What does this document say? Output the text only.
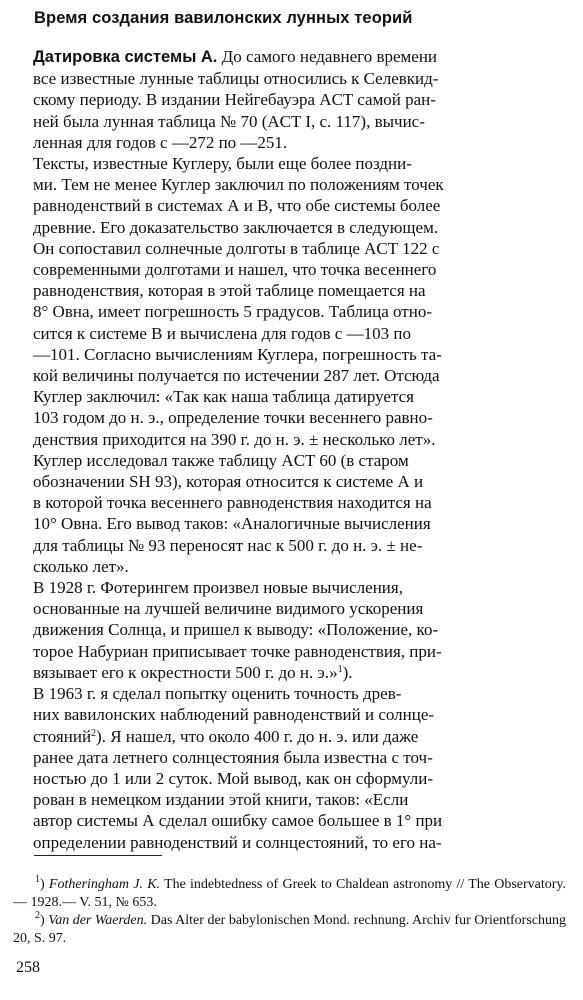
Время создания вавилонских лунных теорий

Датировка системы А. До самого недавнего времени
все известные лунные таблицы относились к Селевкид-
скому периоду. В издании Нейгебауэра ACT самой ран-
ней была лунная таблица № 70 (ACT I, с. 117), вычис-
ленная для годов с —272 по —251.

Тексты, известные Куглеру, были еще более поздни-
ми. Тем не менее Куглер заключил по положениям точек
равноденствий в системах А и В, что обе системы более
древние. Его доказательство заключается в следующем.
Он сопоставил солнечные долготы в таблице ACT 122 с
современными долготами и нашел, что точка весеннего
равноденствия, которая в этой таблице помещается на
8° Овна, имеет погрешность 5 градусов. Таблица отно-
сится к системе В и вычислена для годов с —103 по
—101. Согласно вычислениям Куглера, погрешность та-
кой величины получается по истечении 287 лет. Отсюда
Куглер заключил: «Так как наша таблица датируется
103 годом до н. э., определение точки весеннего равно-
денствия приходится на 390 г. до н. э. ± несколько лет».

Куглер исследовал также таблицу ACT 60 (в старом
обозначении SH 93), которая относится к системе А и
в которой точка весеннего равноденствия находится на
10° Овна. Его вывод таков: «Аналогичные вычисления
для таблицы № 93 переносят нас к 500 г. до н. э. ± не-
сколько лет».

В 1928 г. Фотерингем произвел новые вычисления,
основанные на лучшей величине видимого ускорения
движения Солнца, и пришел к выводу: «Положение, ко-
торое Набуриан приписывает точке равноденствия, при-
вязывает его к окрестности 500 г. до н. э.»$^1$).

В 1963 г. я сделал попытку оценить точность древ-
них вавилонских наблюдений равноденствий и солнце-
стояний$^2$). Я нашел, что около 400 г. до н. э. или даже
ранее дата летнего солнцестояния была известна с точ-
ностью до 1 или 2 суток. Мой вывод, как он сформули-
рован в немецком издании этой книги, таков: «Если
автор системы А сделал ошибку самое большее в 1° при
определении равноденствий и солнцестояний, то его на-

$^1$) Fotheringham J. K. The indebtedness of Greek to Chaldean astronomy // The Observatory.— 1928.— V. 51, № 653.

$^2$) Van der Waerden. Das Alter der babylonischen Mond. rechnung. Archiv fur Orientforschung 20, S. 97.

258
